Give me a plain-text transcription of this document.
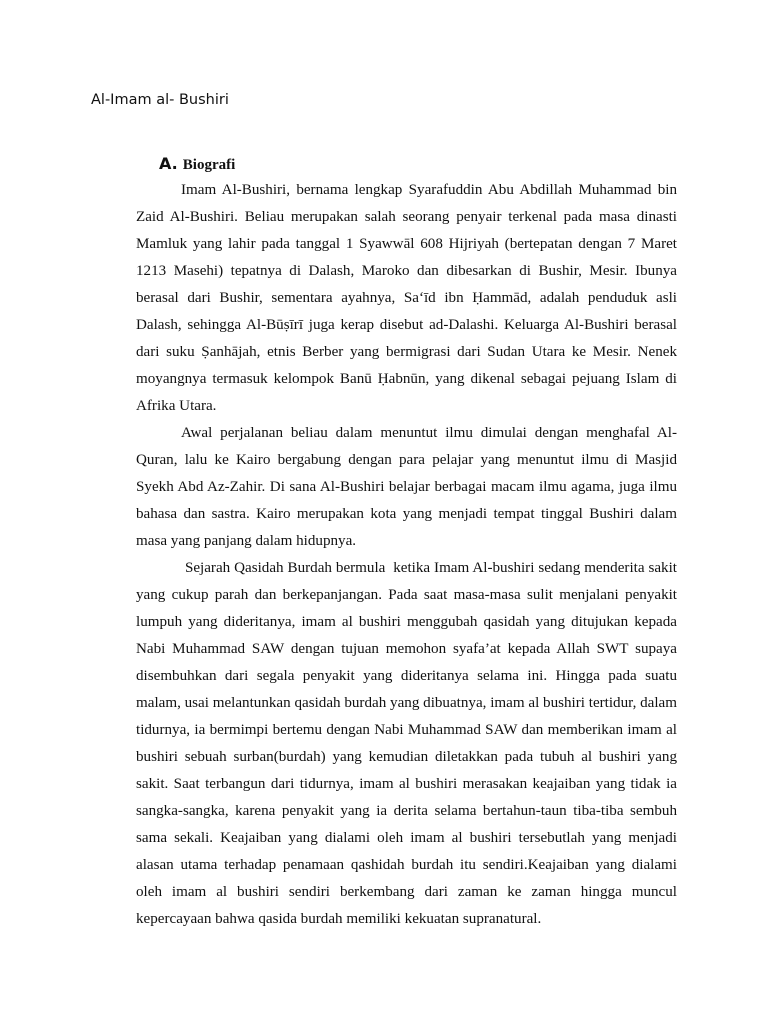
Al-Imam al- Bushiri
A. Biografi

Imam Al-Bushiri, bernama lengkap Syarafuddin Abu Abdillah Muhammad bin Zaid Al-Bushiri. Beliau merupakan salah seorang penyair terkenal pada masa dinasti Mamluk yang lahir pada tanggal 1 Syawwāl 608 Hijriyah (bertepatan dengan 7 Maret 1213 Masehi) tepatnya di Dalash, Maroko dan dibesarkan di Bushir, Mesir. Ibunya berasal dari Bushir, sementara ayahnya, Sa‘īd ibn Ḥammād, adalah penduduk asli Dalash, sehingga Al-Būṣīrī juga kerap disebut ad-Dalashi. Keluarga Al-Bushiri berasal dari suku Ṣanhājah, etnis Berber yang bermigrasi dari Sudan Utara ke Mesir. Nenek moyangnya termasuk kelompok Banū Ḥabnūn, yang dikenal sebagai pejuang Islam di Afrika Utara.

Awal perjalanan beliau dalam menuntut ilmu dimulai dengan menghafal Al-Quran, lalu ke Kairo bergabung dengan para pelajar yang menuntut ilmu di Masjid Syekh Abd Az-Zahir. Di sana Al-Bushiri belajar berbagai macam ilmu agama, juga ilmu bahasa dan sastra. Kairo merupakan kota yang menjadi tempat tinggal Bushiri dalam masa yang panjang dalam hidupnya.

Sejarah Qasidah Burdah bermula  ketika Imam Al-bushiri sedang menderita sakit yang cukup parah dan berkepanjangan. Pada saat masa-masa sulit menjalani penyakit lumpuh yang dideritanya, imam al bushiri menggubah qasidah yang ditujukan kepada Nabi Muhammad SAW dengan tujuan memohon syafa’at kepada Allah SWT supaya disembuhkan dari segala penyakit yang dideritanya selama ini. Hingga pada suatu malam, usai melantunkan qasidah burdah yang dibuatnya, imam al bushiri tertidur, dalam tidurnya, ia bermimpi bertemu dengan Nabi Muhammad SAW dan memberikan imam al bushiri sebuah surban(burdah) yang kemudian diletakkan pada tubuh al bushiri yang sakit. Saat terbangun dari tidurnya, imam al bushiri merasakan keajaiban yang tidak ia sangka-sangka, karena penyakit yang ia derita selama bertahun-taun tiba-tiba sembuh sama sekali. Keajaiban yang dialami oleh imam al bushiri tersebutlah yang menjadi alasan utama terhadap penamaan qashidah burdah itu sendiri.Keajaiban yang dialami oleh imam al bushiri sendiri berkembang dari zaman ke zaman hingga muncul kepercayaan bahwa qasida burdah memiliki kekuatan supranatural.
